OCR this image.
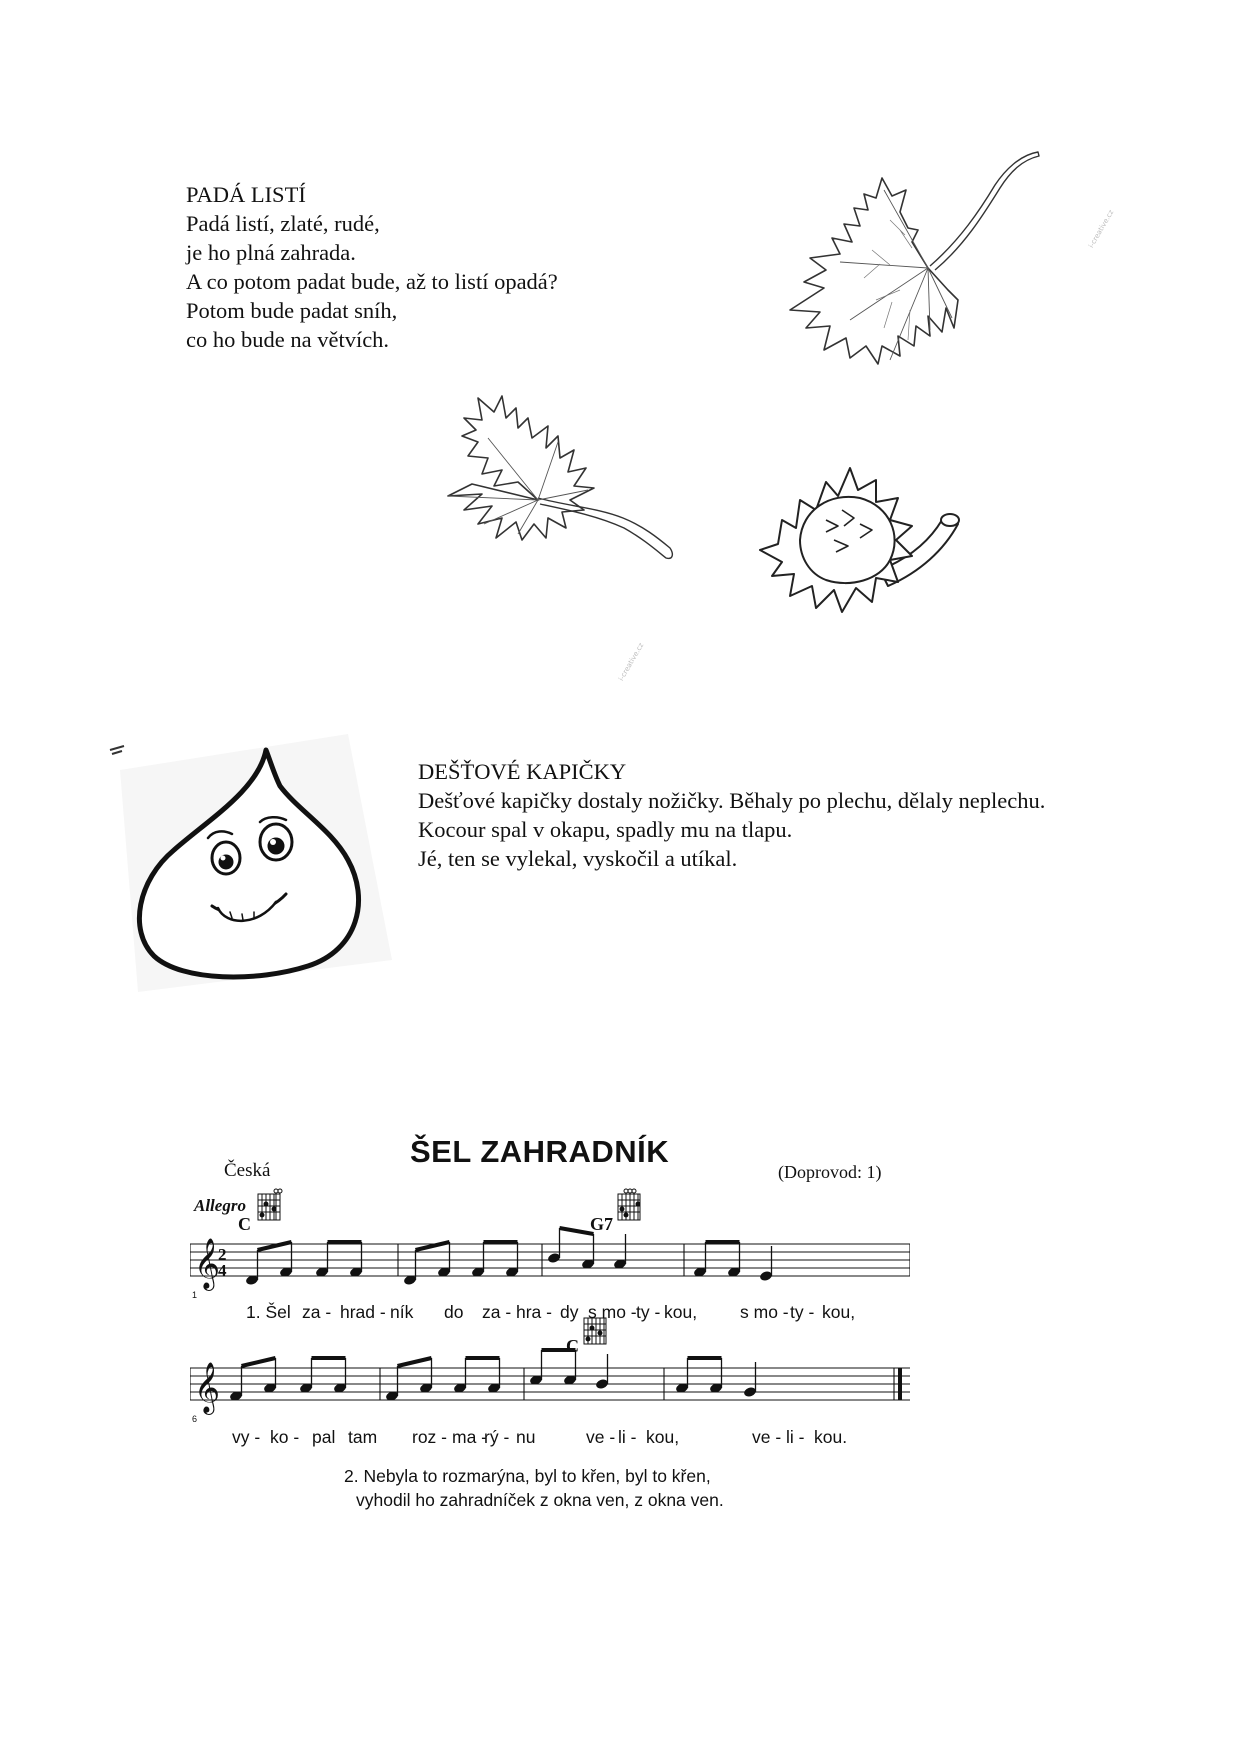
PADÁ LISTÍ
Padá listí, zlaté, rudé,
je ho plná zahrada.
A co potom padat bude, až to listí opadá?
Potom bude padat sníh,
co ho bude na větvích.
i-creative.cz
i-creative.cz
DEŠŤOVÉ KAPIČKY
Dešťové kapičky dostaly nožičky. Běhaly po plechu, dělaly neplechu.
Kocour spal v okapu, spadly mu na tlapu.
Jé, ten se vylekal, vyskočil a utíkal.
ŠEL ZAHRADNÍK
Česká	(Doprovod: 1)
Allegro
C	G7
C
1
6
𝄞
2
4
𝄞
1. Šel za - hrad - ník do za - hra - dy s mo - ty - kou, s mo - ty - kou,
vy - ko - pal tam roz - ma -
rý - nu	ve - li - kou,	ve - li - kou.
2. Nebyla to rozmarýna, byl to křen, byl to křen,
vyhodil ho zahradníček z okna ven, z okna ven.
